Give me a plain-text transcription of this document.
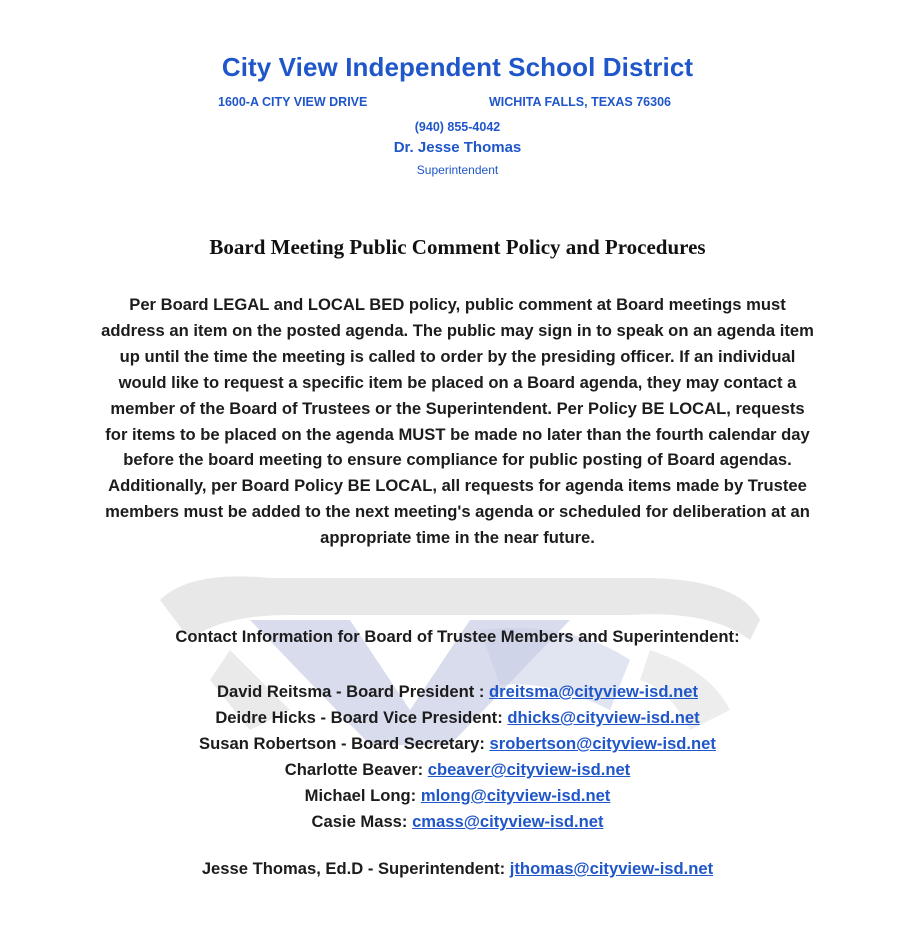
City View Independent School District
1600-A CITY VIEW DRIVE	WICHITA FALLS, TEXAS 76306
(940) 855-4042
Dr. Jesse Thomas
Superintendent
Board Meeting Public Comment Policy and Procedures
Per Board LEGAL and LOCAL BED policy, public comment at Board meetings must address an item on the posted agenda. The public may sign in to speak on an agenda item up until the time the meeting is called to order by the presiding officer. If an individual would like to request a specific item be placed on a Board agenda, they may contact a member of the Board of Trustees or the Superintendent. Per Policy BE LOCAL, requests for items to be placed on the agenda MUST be made no later than the fourth calendar day before the board meeting to ensure compliance for public posting of Board agendas. Additionally, per Board Policy BE LOCAL, all requests for agenda items made by Trustee members must be added to the next meeting's agenda or scheduled for deliberation at an appropriate time in the near future.
Contact Information for Board of Trustee Members and Superintendent:
David Reitsma - Board President : dreitsma@cityview-isd.net
Deidre Hicks - Board Vice President: dhicks@cityview-isd.net
Susan Robertson - Board Secretary: srobertson@cityview-isd.net
Charlotte Beaver: cbeaver@cityview-isd.net
Michael Long: mlong@cityview-isd.net
Casie Mass: cmass@cityview-isd.net
Jesse Thomas, Ed.D - Superintendent: jthomas@cityview-isd.net
